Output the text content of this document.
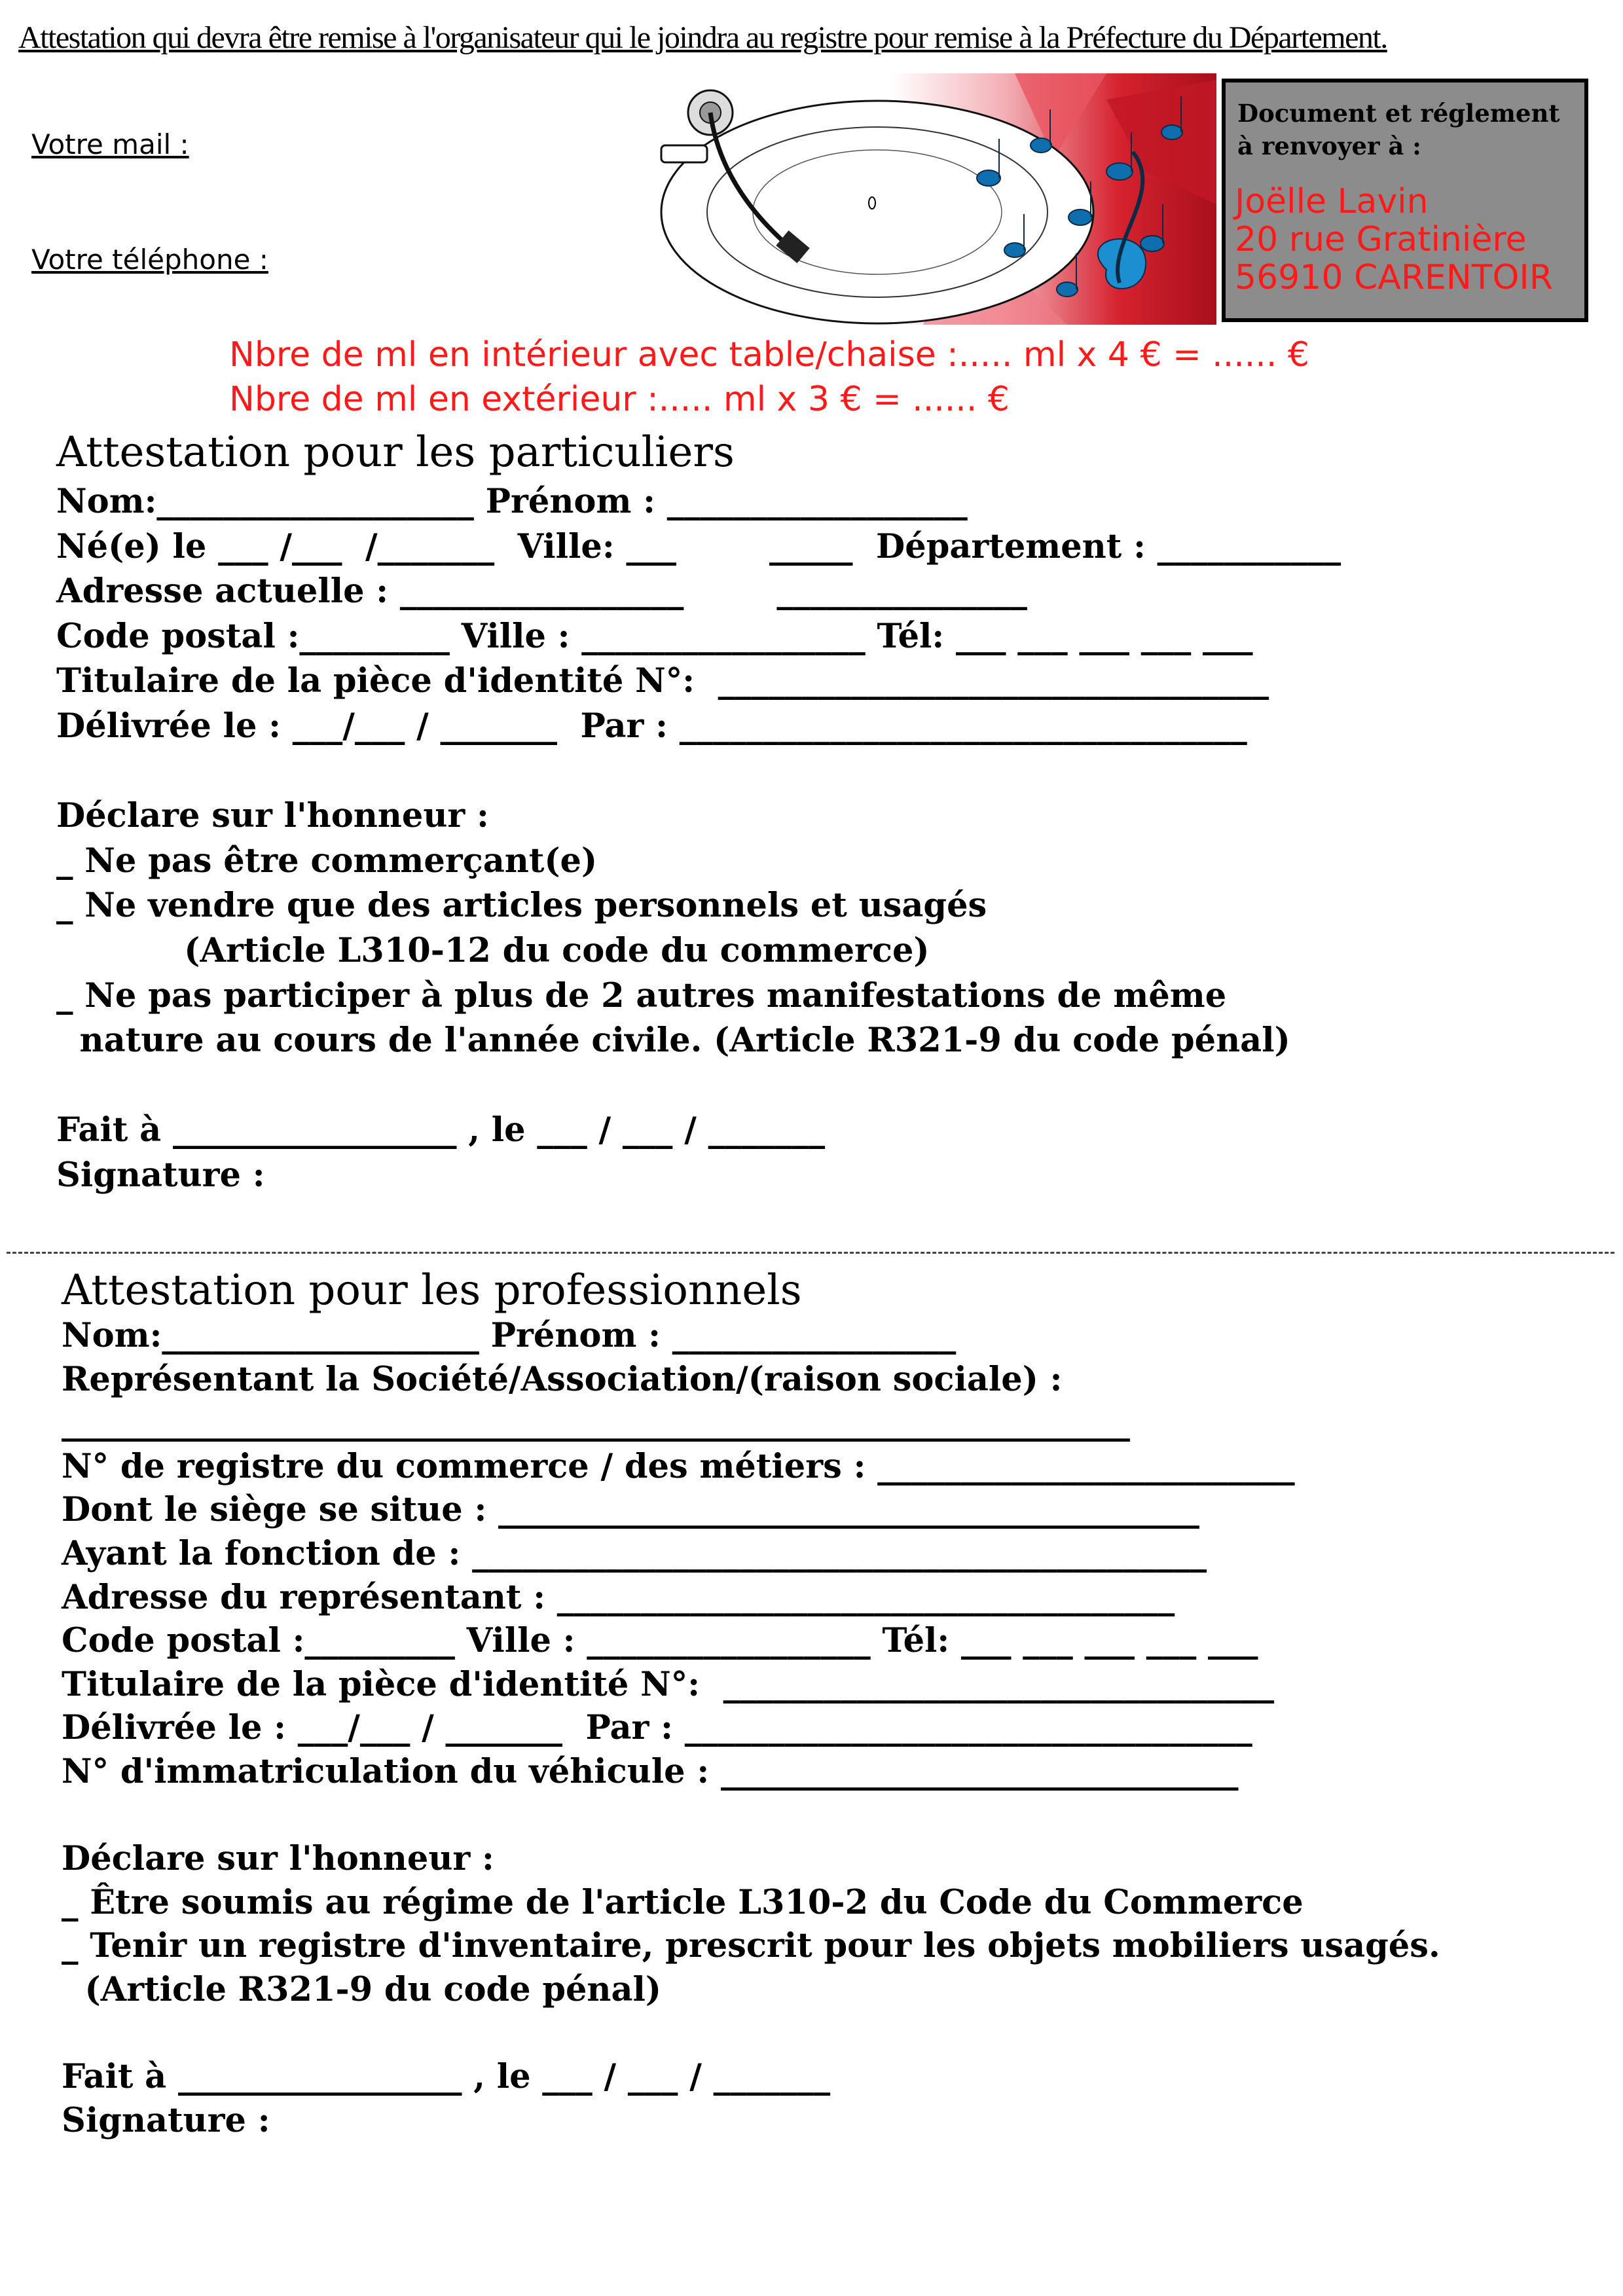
Attestation qui devra être remise à l'organisateur qui le joindra au registre pour remise à la Préfecture du Département.
Votre mail :
Votre téléphone :
Document et réglement
à renvoyer à :
Joëlle Lavin
20 rue Gratinière
56910 CARENTOIR
Nbre de ml en intérieur avec table/chaise :..... ml x 4 € = ...... €
Nbre de ml en extérieur :..... ml x 3 € = ...... €
Attestation pour les particuliers
Nom:___________________ Prénom : __________________
Né(e) le ___ /___  /_______  Ville: ___        _____  Département : ___________
Adresse actuelle : _________________        _______________
Code postal :_________ Ville : _________________ Tél: ___ ___ ___ ___ ___
Titulaire de la pièce d'identité N°:  _________________________________
Délivrée le : ___/___ / _______  Par : __________________________________
Déclare sur l'honneur :
_ Ne pas être commerçant(e)
_ Ne vendre que des articles personnels et usagés
(Article L310-12 du code du commerce)
_ Ne pas participer à plus de 2 autres manifestations de même
nature au cours de l'année civile. (Article R321-9 du code pénal)
Fait à _________________ , le ___ / ___ / _______
Signature :
Attestation pour les professionnels
Nom:___________________ Prénom : _________________
Représentant la Société/Association/(raison sociale) :
________________________________________________________________
N° de registre du commerce / des métiers : _________________________
Dont le siège se situe : __________________________________________
Ayant la fonction de : ____________________________________________
Adresse du représentant : _____________________________________
Code postal :_________ Ville : _________________ Tél: ___ ___ ___ ___ ___
Titulaire de la pièce d'identité N°:  _________________________________
Délivrée le : ___/___ / _______  Par : __________________________________
N° d'immatriculation du véhicule : _______________________________
Déclare sur l'honneur :
_ Être soumis au régime de l'article L310-2 du Code du Commerce
_ Tenir un registre d'inventaire, prescrit pour les objets mobiliers usagés.
(Article R321-9 du code pénal)
Fait à _________________ , le ___ / ___ / _______
Signature :
